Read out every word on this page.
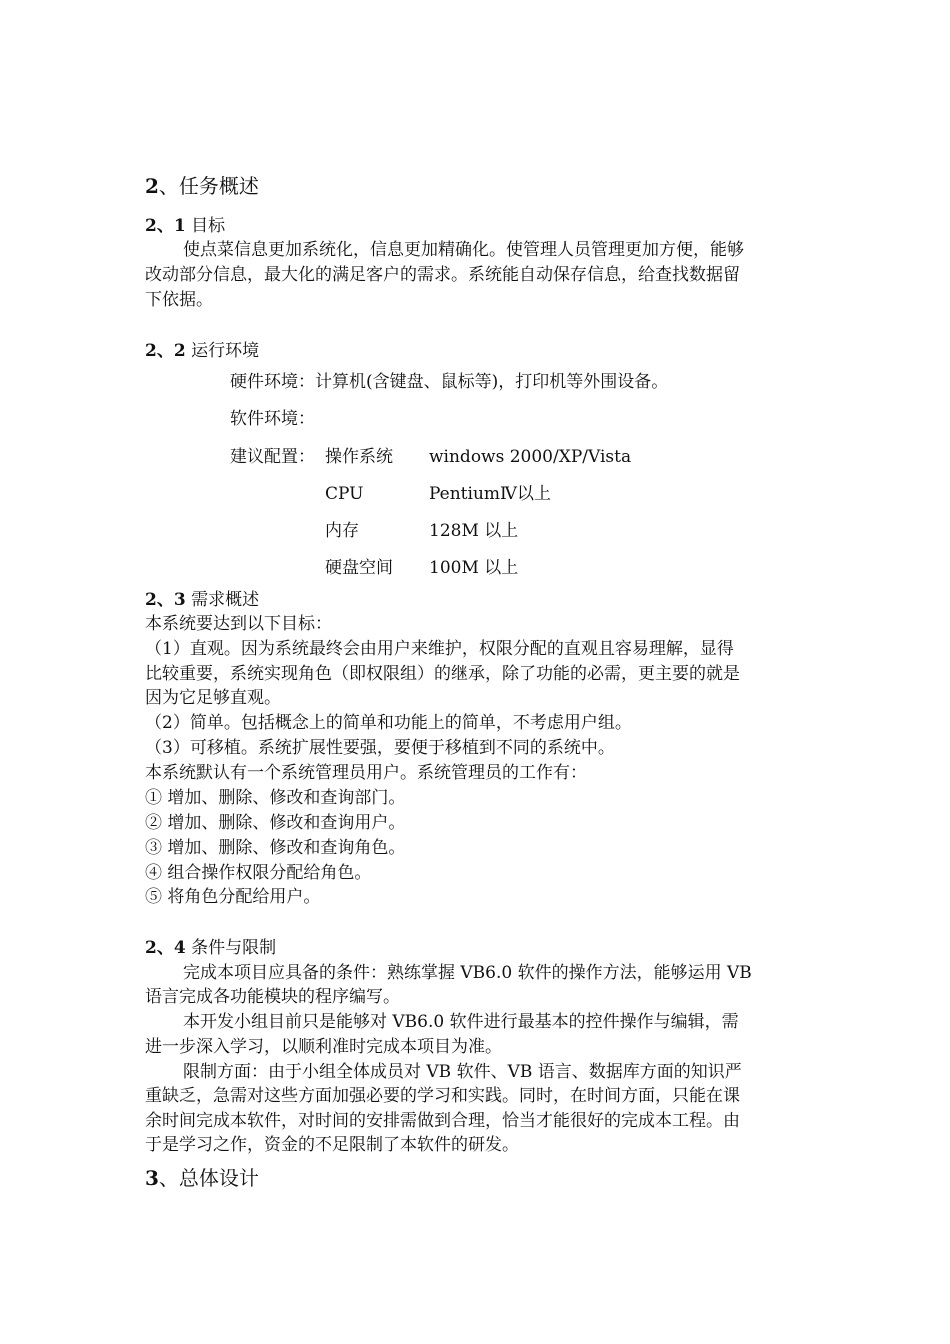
2、任务概述
2、1 目标
使点菜信息更加系统化，信息更加精确化。使管理人员管理更加方便，能够
改动部分信息，最大化的满足客户的需求。系统能自动保存信息，给查找数据留
下依据。
2、2 运行环境
硬件环境：计算机(含键盘、鼠标等)，打印机等外围设备。
软件环境：
建议配置： 操作系统 windows 2000/XP/Vista
CPU	PentiumⅣ以上
内存	128M 以上
硬盘空间 100M 以上
2、3 需求概述
本系统要达到以下目标：
（1）直观。因为系统最终会由用户来维护，权限分配的直观且容易理解，显得
比较重要，系统实现角色（即权限组）的继承，除了功能的必需，更主要的就是
因为它足够直观。
（2）简单。包括概念上的简单和功能上的简单，不考虑用户组。
（3）可移植。系统扩展性要强，要便于移植到不同的系统中。
本系统默认有一个系统管理员用户。系统管理员的工作有：
① 增加、删除、修改和查询部门。
② 增加、删除、修改和查询用户。
③ 增加、删除、修改和查询角色。
④ 组合操作权限分配给角色。
⑤ 将角色分配给用户。
2、4 条件与限制
完成本项目应具备的条件：熟练掌握 VB6.0 软件的操作方法，能够运用 VB
语言完成各功能模块的程序编写。
本开发小组目前只是能够对 VB6.0 软件进行最基本的控件操作与编辑，需
进一步深入学习，以顺利准时完成本项目为准。
限制方面：由于小组全体成员对 VB 软件、VB 语言、数据库方面的知识严
重缺乏，急需对这些方面加强必要的学习和实践。同时，在时间方面，只能在课
余时间完成本软件，对时间的安排需做到合理，恰当才能很好的完成本工程。由
于是学习之作，资金的不足限制了本软件的研发。
3、总体设计
